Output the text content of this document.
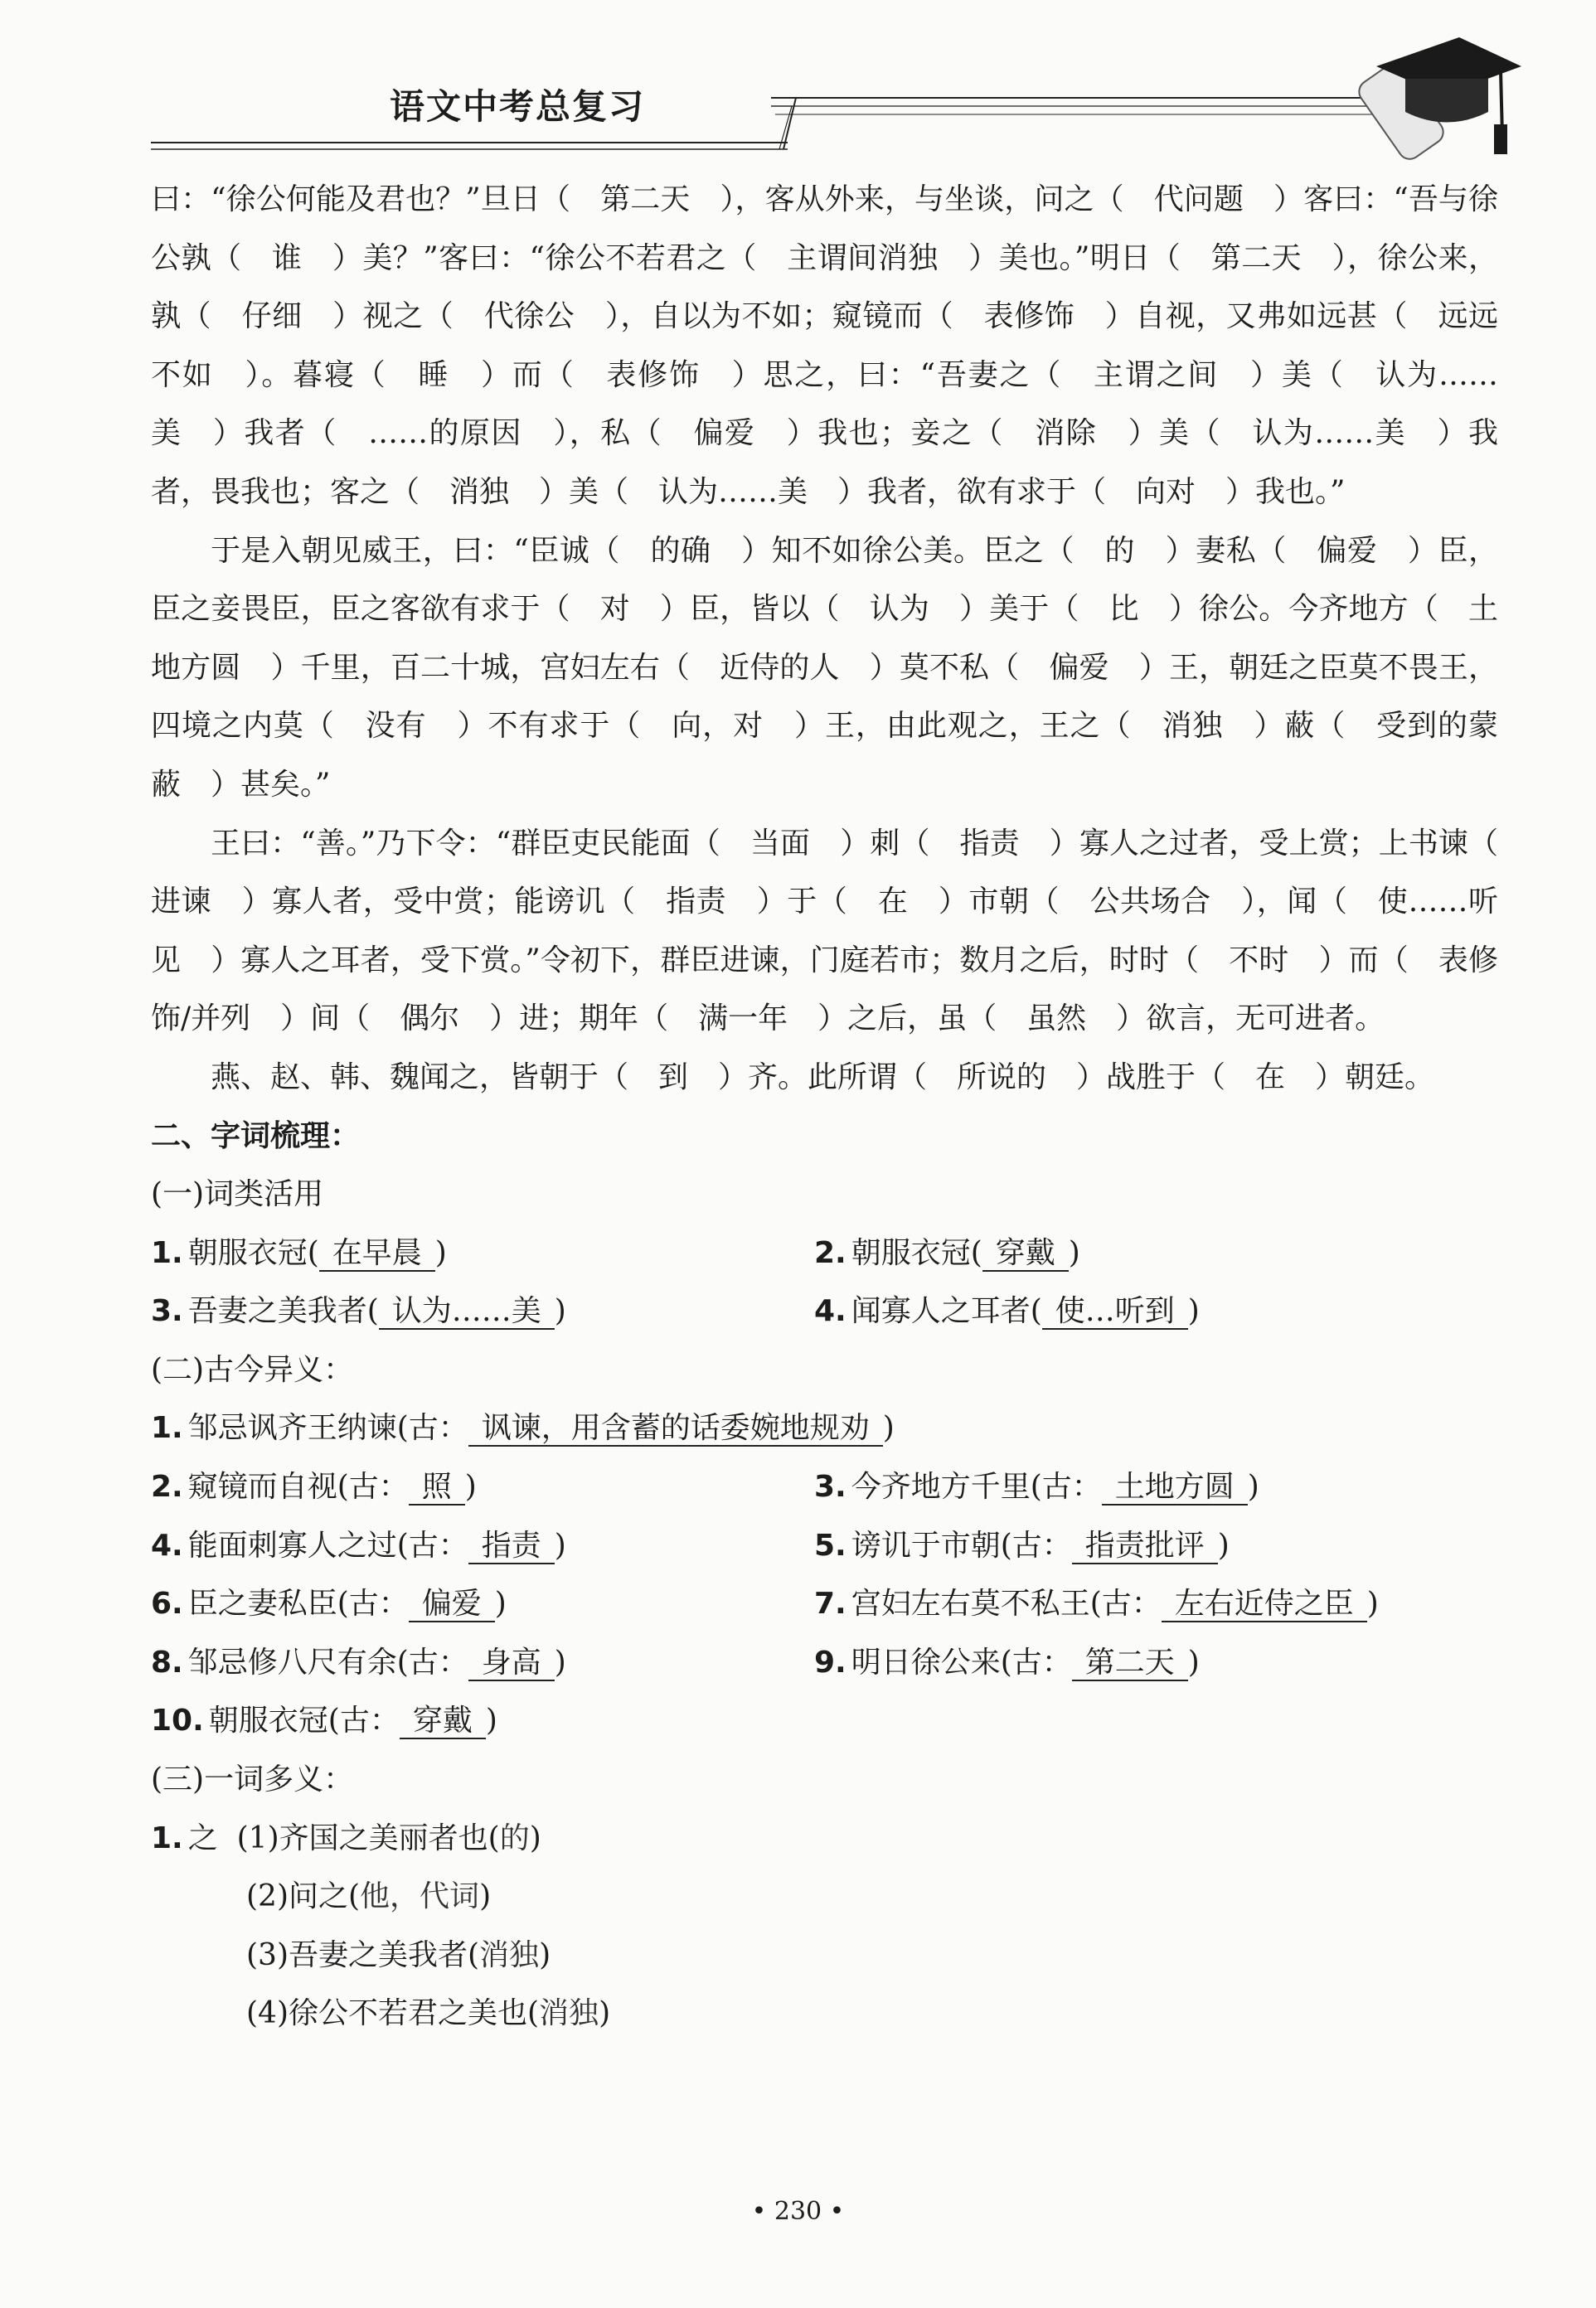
语文中考总复习

曰：“徐公何能及君也？”旦日（　第二天　），客从外来，与坐谈，问之（　代问题　）客曰：“吾与徐公孰（　谁　）美？”客曰：“徐公不若君之（　主谓间消独　）美也。”明日（　第二天　），徐公来，孰（　仔细　）视之（　代徐公　），自以为不如；窥镜而（　表修饰　）自视，又弗如远甚（　远远不如　）。暮寝（　睡　）而（　表修饰　）思之，曰：“吾妻之（　主谓之间　）美（　认为……美　）我者（　……的原因　），私（　偏爱　）我也；妾之（　消除　）美（　认为……美　）我者，畏我也；客之（　消独　）美（　认为……美　）我者，欲有求于（　向对　）我也。”

于是入朝见威王，曰：“臣诚（　的确　）知不如徐公美。臣之（　的　）妻私（　偏爱　）臣，臣之妾畏臣，臣之客欲有求于（　对　）臣，皆以（　认为　）美于（　比　）徐公。今齐地方（　土地方圆　）千里，百二十城，宫妇左右（　近侍的人　）莫不私（　偏爱　）王，朝廷之臣莫不畏王，四境之内莫（　没有　）不有求于（　向，对　）王，由此观之，王之（　消独　）蔽（　受到的蒙蔽　）甚矣。”

王曰：“善。”乃下令：“群臣吏民能面（　当面　）刺（　指责　）寡人之过者，受上赏；上书谏（　进谏　）寡人者，受中赏；能谤讥（　指责　）于（　在　）市朝（　公共场合　），闻（　使……听见　）寡人之耳者，受下赏。”令初下，群臣进谏，门庭若市；数月之后，时时（　不时　）而（　表修饰/并列　）间（　偶尔　）进；期年（　满一年　）之后，虽（　虽然　）欲言，无可进者。

燕、赵、韩、魏闻之，皆朝于（　到　）齐。此所谓（　所说的　）战胜于（　在　）朝廷。

二、字词梳理：
(一)词类活用
1. 朝服衣冠( 在早晨 )	2. 朝服衣冠( 穿戴 )
3. 吾妻之美我者( 认为……美 )	4. 闻寡人之耳者( 使…听到 )
(二)古今异义：
1. 邹忌讽齐王纳谏(古： 讽谏，用含蓄的话委婉地规劝 )
2. 窥镜而自视(古： 照 )	3. 今齐地方千里(古： 土地方圆 )
4. 能面刺寡人之过(古： 指责 )	5. 谤讥于市朝(古： 指责批评 )
6. 臣之妻私臣(古： 偏爱 )	7. 宫妇左右莫不私王(古： 左右近侍之臣 )
8. 邹忌修八尺有余(古： 身高 )	9. 明日徐公来(古： 第二天 )
10. 朝服衣冠(古： 穿戴 )
(三)一词多义：
1. 之 (1)齐国之美丽者也(的)
(2)问之(他，代词)
(3)吾妻之美我者(消独)
(4)徐公不若君之美也(消独)
• 230 •
